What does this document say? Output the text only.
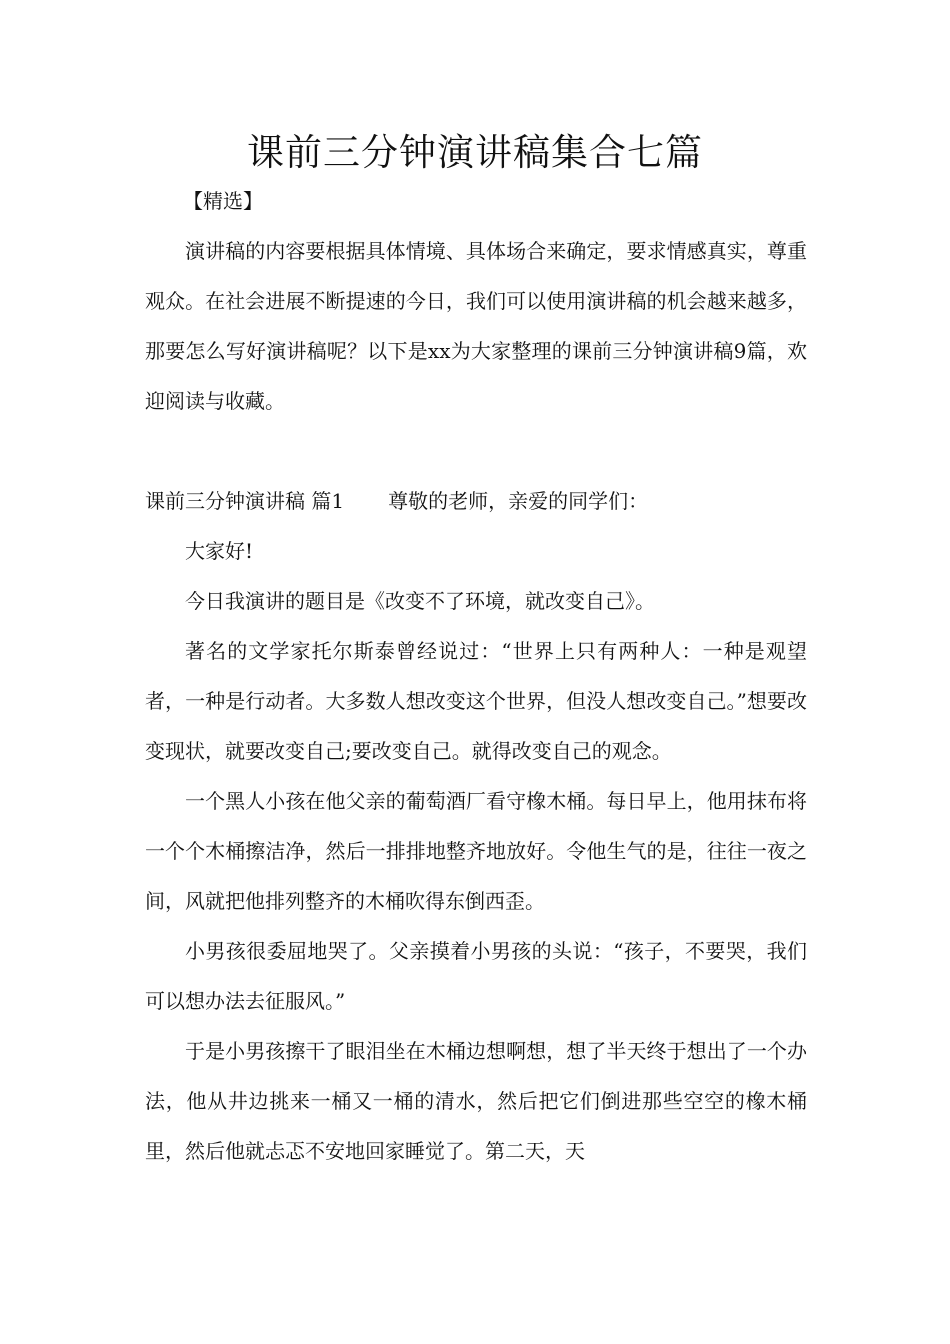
课前三分钟演讲稿集合七篇
【精选】

演讲稿的内容要根据具体情境、具体场合来确定，要求情感真实，尊重观众。在社会进展不断提速的今日，我们可以使用演讲稿的机会越来越多，那要怎么写好演讲稿呢？以下是xx为大家整理的课前三分钟演讲稿9篇，欢迎阅读与收藏。

课前三分钟演讲稿 篇1 尊敬的老师，亲爱的同学们：

大家好!

今日我演讲的题目是《改变不了环境，就改变自己》。

著名的文学家托尔斯泰曾经说过：“世界上只有两种人：一种是观望者，一种是行动者。大多数人想改变这个世界，但没人想改变自己。”想要改变现状，就要改变自己;要改变自己。就得改变自己的观念。

一个黑人小孩在他父亲的葡萄酒厂看守橡木桶。每日早上，他用抹布将一个个木桶擦洁净，然后一排排地整齐地放好。令他生气的是，往往一夜之间，风就把他排列整齐的木桶吹得东倒西歪。

小男孩很委屈地哭了。父亲摸着小男孩的头说：“孩子，不要哭，我们可以想办法去征服风。”

于是小男孩擦干了眼泪坐在木桶边想啊想，想了半天终于想出了一个办法，他从井边挑来一桶又一桶的清水，然后把它们倒进那些空空的橡木桶里，然后他就忐忑不安地回家睡觉了。第二天，天
